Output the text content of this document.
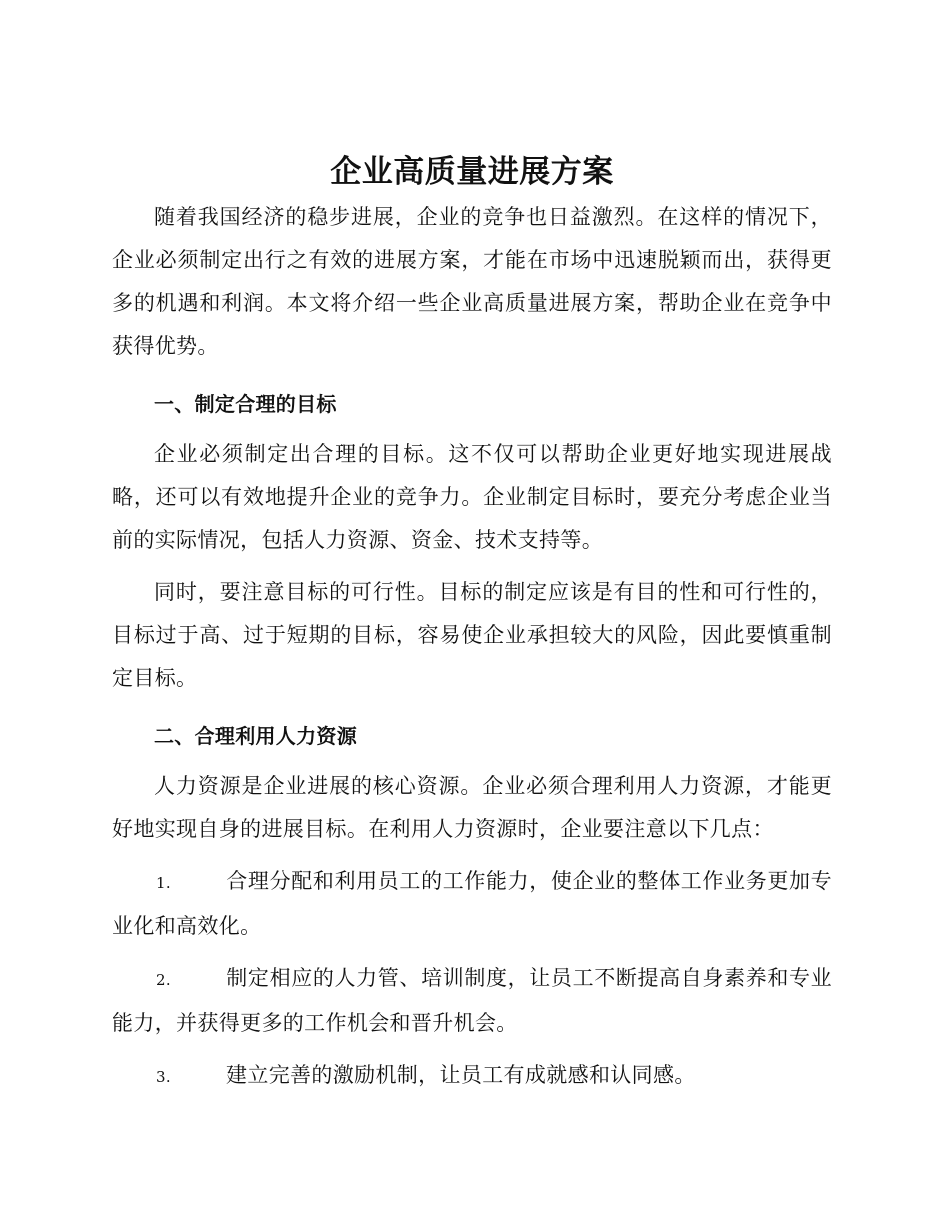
企业高质量进展方案

随着我国经济的稳步进展，企业的竞争也日益激烈。在这样的情况下，企业必须制定出行之有效的进展方案，才能在市场中迅速脱颖而出，获得更多的机遇和利润。本文将介绍一些企业高质量进展方案，帮助企业在竞争中获得优势。

一、制定合理的目标

企业必须制定出合理的目标。这不仅可以帮助企业更好地实现进展战略，还可以有效地提升企业的竞争力。企业制定目标时，要充分考虑企业当前的实际情况，包括人力资源、资金、技术支持等。

同时，要注意目标的可行性。目标的制定应该是有目的性和可行性的，目标过于高、过于短期的目标，容易使企业承担较大的风险，因此要慎重制定目标。

二、合理利用人力资源

人力资源是企业进展的核心资源。企业必须合理利用人力资源，才能更好地实现自身的进展目标。在利用人力资源时，企业要注意以下几点：

1.	合理分配和利用员工的工作能力，使企业的整体工作业务更加专业化和高效化。
2.	制定相应的人力管、培训制度，让员工不断提高自身素养和专业能力，并获得更多的工作机会和晋升机会。
3.	建立完善的激励机制，让员工有成就感和认同感。
